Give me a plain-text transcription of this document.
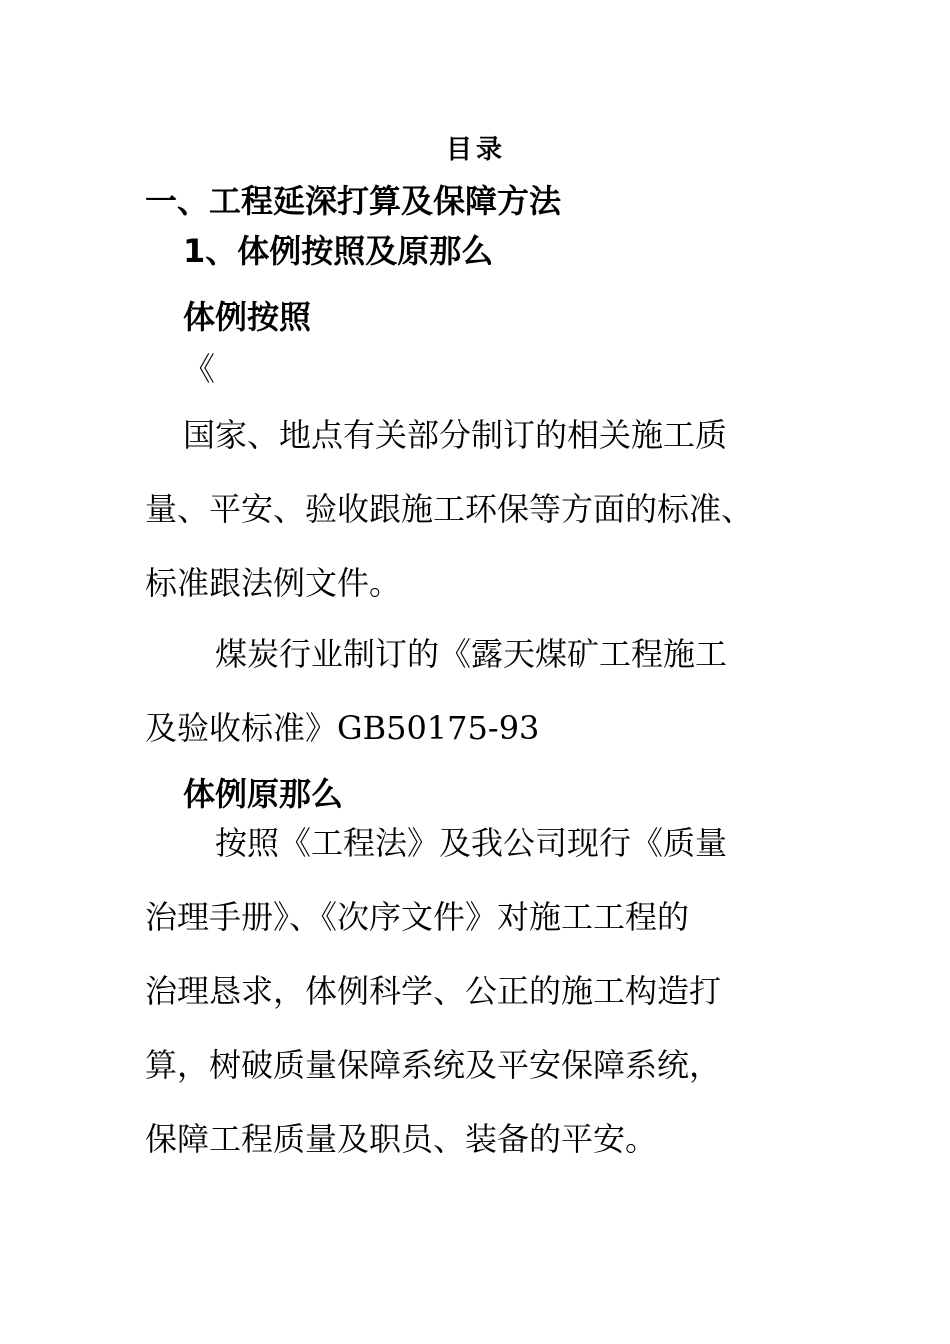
目录
一、工程延深打算及保障方法
1、体例按照及原那么
体例按照
《
国家、地点有关部分制订的相关施工质
量、平安、验收跟施工环保等方面的标准、
标准跟法例文件。
煤炭行业制订的《露天煤矿工程施工
及验收标准》GB50175-93
体例原那么
按照《工程法》及我公司现行《质量
治理手册》、《次序文件》对施工工程的
治理恳求，体例科学、公正的施工构造打
算，树破质量保障系统及平安保障系统，
保障工程质量及职员、装备的平安。
